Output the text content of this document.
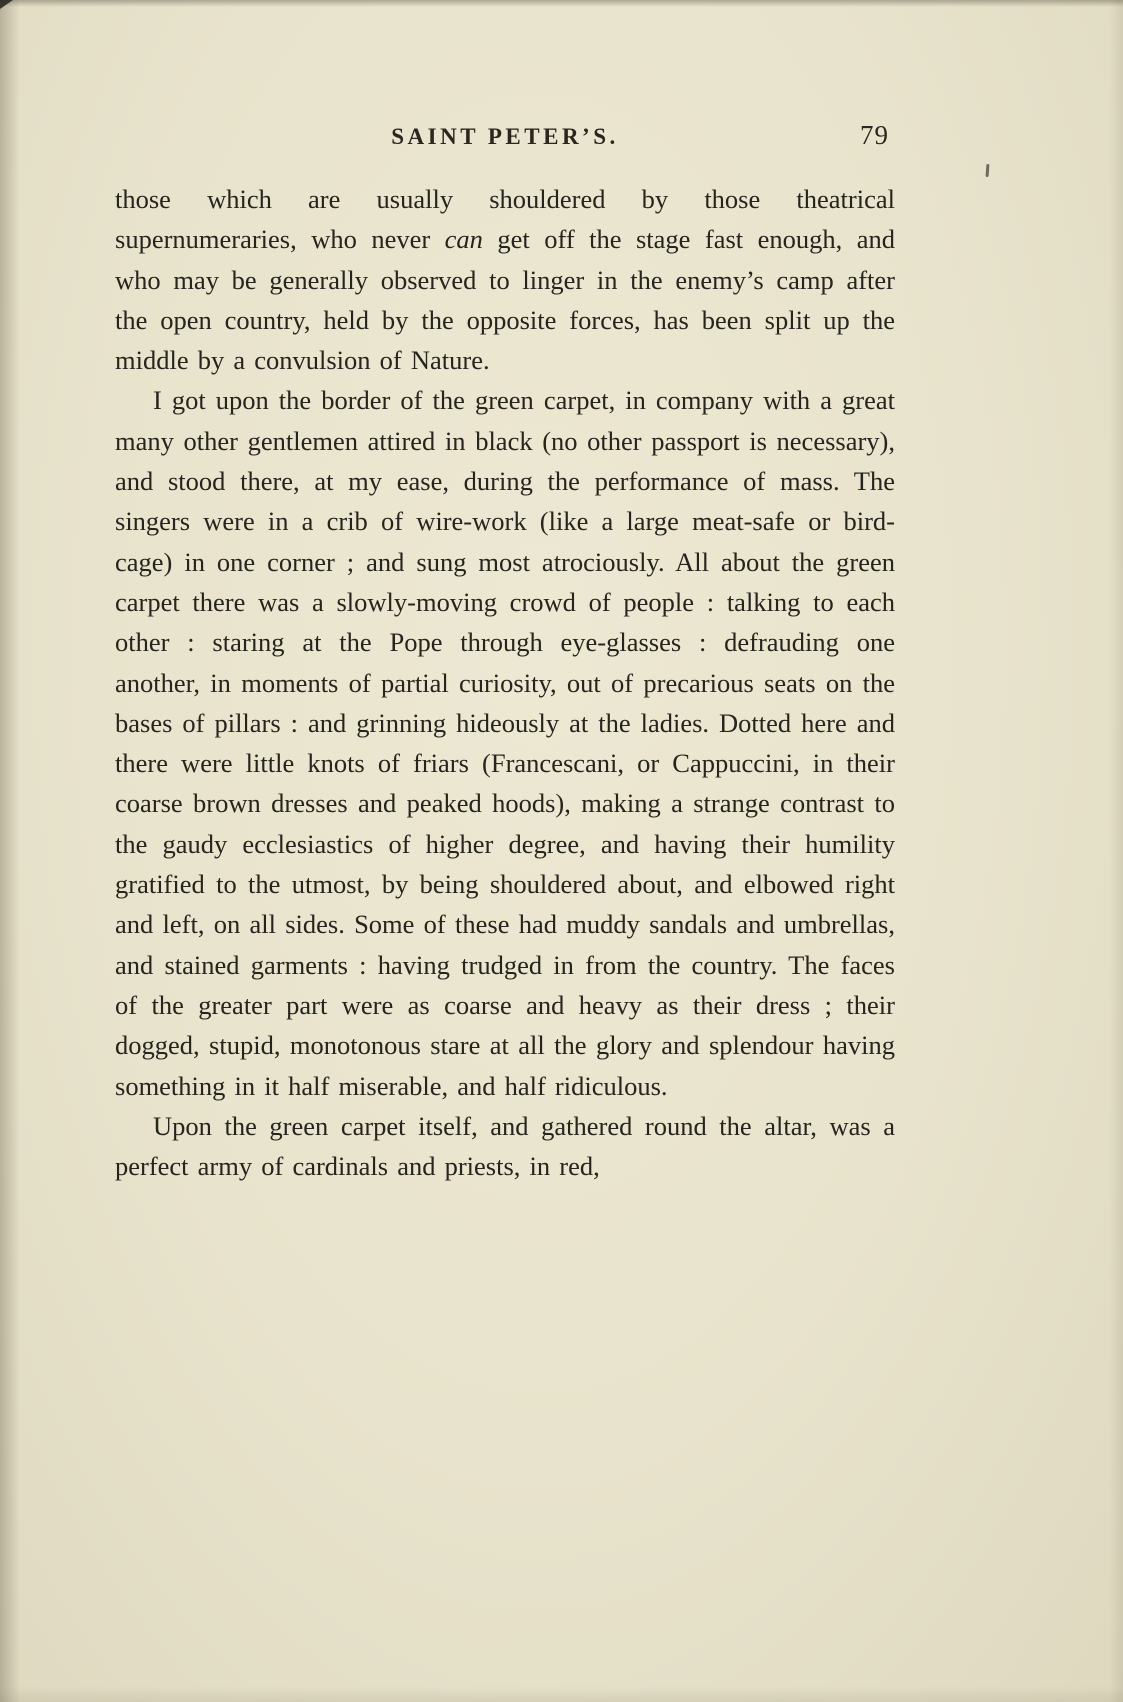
SAINT PETER’S.	79

those which are usually shouldered by those theatrical supernumeraries, who never can get off the stage fast enough, and who may be generally observed to linger in the enemy’s camp after the open country, held by the opposite forces, has been split up the middle by a convulsion of Nature.

I got upon the border of the green carpet, in company with a great many other gentlemen attired in black (no other passport is necessary), and stood there, at my ease, during the performance of mass. The singers were in a crib of wire-work (like a large meat-safe or bird-cage) in one corner ; and sung most atrociously. All about the green carpet there was a slowly-moving crowd of people : talking to each other : staring at the Pope through eye-glasses : defrauding one another, in moments of partial curiosity, out of precarious seats on the bases of pillars : and grinning hideously at the ladies. Dotted here and there were little knots of friars (Francescani, or Cappuccini, in their coarse brown dresses and peaked hoods), making a strange contrast to the gaudy ecclesiastics of higher degree, and having their humility gratified to the utmost, by being shouldered about, and elbowed right and left, on all sides. Some of these had muddy sandals and umbrellas, and stained garments : having trudged in from the country. The faces of the greater part were as coarse and heavy as their dress ; their dogged, stupid, monotonous stare at all the glory and splendour having something in it half miserable, and half ridiculous.

Upon the green carpet itself, and gathered round the altar, was a perfect army of cardinals and priests, in red,
